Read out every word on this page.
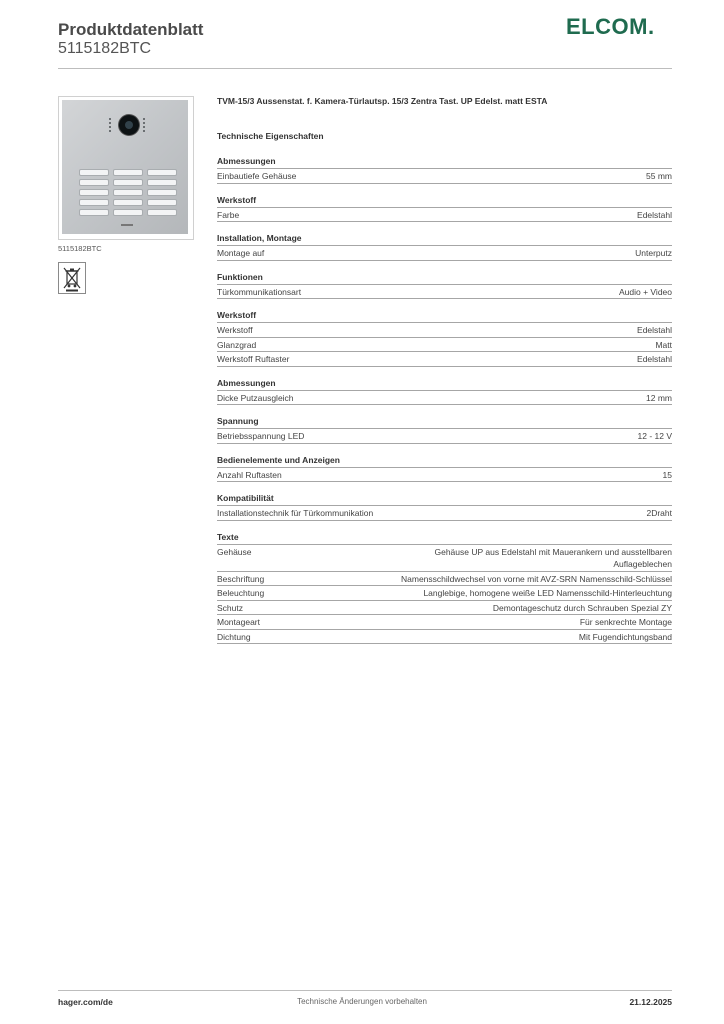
Produktdatenblatt
5115182BTC
ELCOM.
5115182BTC
TVM-15/3 Aussenstat. f. Kamera-Türlautsp. 15/3 Zentra Tast. UP Edelst. matt ESTA
Technische Eigenschaften
Abmessungen
Einbautiefe Gehäuse	55 mm
Werkstoff
Farbe	Edelstahl
Installation, Montage
Montage auf	Unterputz
Funktionen
Türkommunikationsart	Audio + Video
Werkstoff
Werkstoff	Edelstahl
Glanzgrad	Matt
Werkstoff Ruftaster	Edelstahl
Abmessungen
Dicke Putzausgleich	12 mm
Spannung
Betriebsspannung LED	12 - 12 V
Bedienelemente und Anzeigen
Anzahl Ruftasten	15
Kompatibilität
Installationstechnik für Türkommunikation	2Draht
Texte
Gehäuse	Gehäuse UP aus Edelstahl mit Mauerankern und ausstellbaren Auflageblechen
Beschriftung	Namensschildwechsel von vorne mit AVZ-SRN Namensschild-Schlüssel
Beleuchtung	Langlebige, homogene weiße LED Namensschild-Hinterleuchtung
Schutz	Demontageschutz durch Schrauben Spezial ZY
Montageart	Für senkrechte Montage
Dichtung	Mit Fugendichtungsband
hager.com/de	Technische Änderungen vorbehalten	21.12.2025
